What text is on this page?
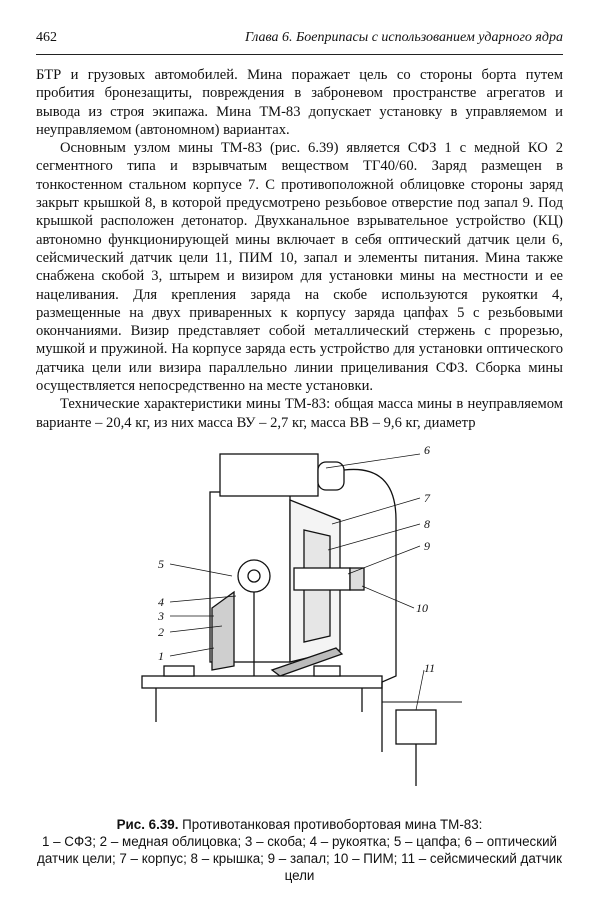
462	Глава 6. Боеприпасы с использованием ударного ядра

БТР и грузовых автомобилей. Мина поражает цель со стороны борта путем пробития бронезащиты, повреждения в заброневом пространстве агрегатов и вывода из строя экипажа. Мина ТМ-83 допускает установку в управляемом и неуправляемом (автономном) вариантах.

Основным узлом мины ТМ-83 (рис. 6.39) является СФЗ 1 с медной КО 2 сегментного типа и взрывчатым веществом ТГ40/60. Заряд размещен в тонкостенном стальном корпусе 7. С противоположной облицовке стороны заряд закрыт крышкой 8, в которой предусмотрено резьбовое отверстие под запал 9. Под крышкой расположен детонатор. Двухканальное взрывательное устройство (КЦ) автономно функционирующей мины включает в себя оптический датчик цели 6, сейсмический датчик цели 11, ПИМ 10, запал и элементы питания. Мина также снабжена скобой 3, штырем и визиром для установки мины на местности и ее нацеливания. Для крепления заряда на скобе используются рукоятки 4, размещенные на двух приваренных к корпусу заряда цапфах 5 с резьбовыми окончаниями. Визир представляет собой металлический стержень с прорезью, мушкой и пружиной. На корпусе заряда есть устройство для установки оптического датчика цели или визира параллельно линии прицеливания СФЗ. Сборка мины осуществляется непосредственно на месте установки.

Технические характеристики мины ТМ-83: общая масса мины в неуправляемом варианте – 20,4 кг, из них масса ВУ – 2,7 кг, масса ВВ – 9,6 кг, диаметр

5
4
3
2
1
6
7
8
9
10
11
Рис. 6.39. Противотанковая противобортовая мина ТМ-83:
1 – СФЗ; 2 – медная облицовка; 3 – скоба; 4 – рукоятка; 5 – цапфа; 6 – оптический датчик цели; 7 – корпус; 8 – крышка; 9 – запал; 10 – ПИМ; 11 – сейсмический датчик цели
